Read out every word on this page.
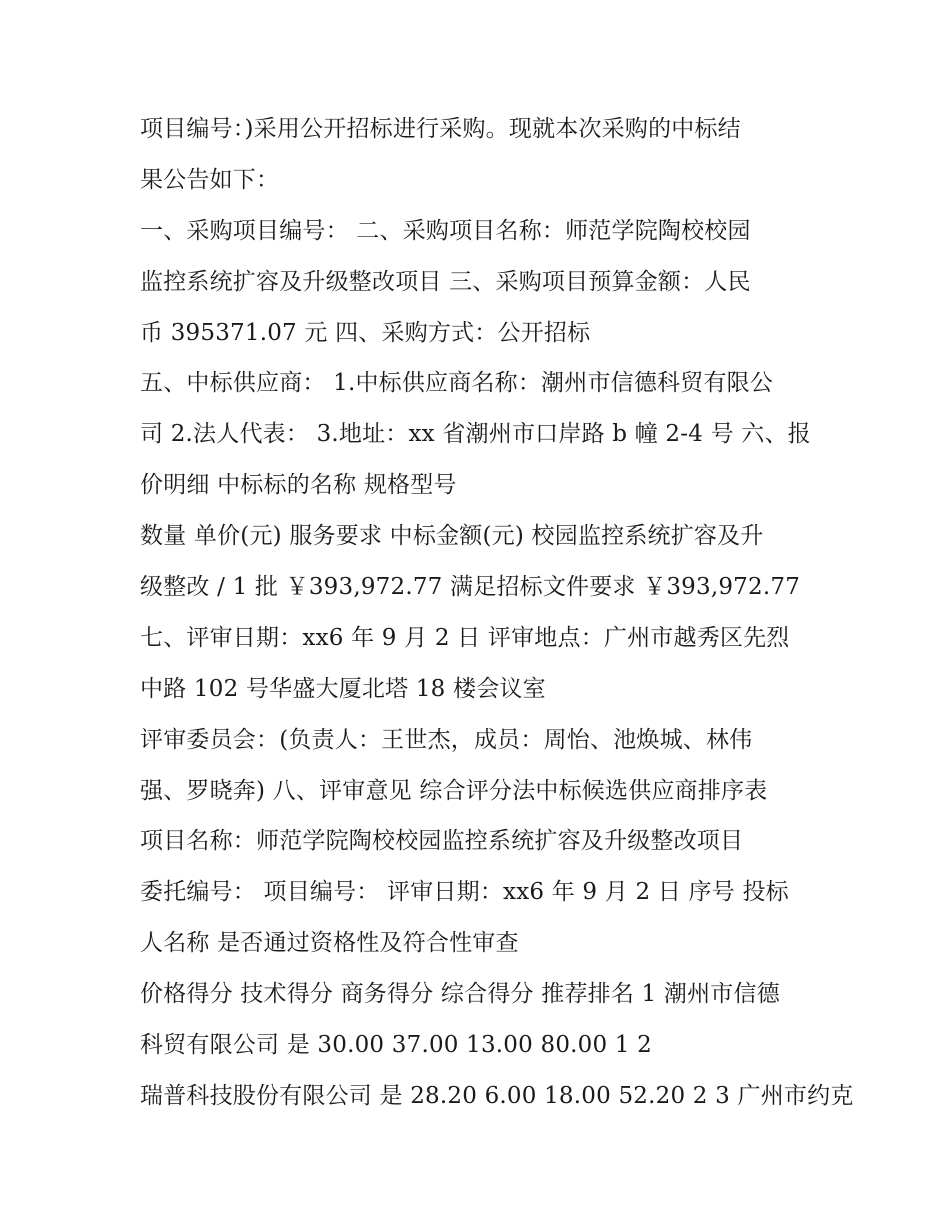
项目编号：)采用公开招标进行采购。现就本次采购的中标结
果公告如下：
一、采购项目编号： 二、采购项目名称：师范学院陶校校园
监控系统扩容及升级整改项目 三、采购项目预算金额：人民
币 395371.07 元 四、采购方式：公开招标
五、中标供应商： 1.中标供应商名称：潮州市信德科贸有限公
司 2.法人代表： 3.地址：xx 省潮州市口岸路 b 幢 2-4 号 六、报
价明细 中标标的名称 规格型号
数量 单价(元) 服务要求 中标金额(元) 校园监控系统扩容及升
级整改 / 1 批 ￥393,972.77 满足招标文件要求 ￥393,972.77
七、评审日期：xx6 年 9 月 2 日 评审地点：广州市越秀区先烈
中路 102 号华盛大厦北塔 18 楼会议室
评审委员会：(负责人：王世杰，成员：周怡、池焕城、林伟
强、罗晓奔) 八、评审意见 综合评分法中标候选供应商排序表
项目名称：师范学院陶校校园监控系统扩容及升级整改项目
委托编号： 项目编号： 评审日期：xx6 年 9 月 2 日 序号 投标
人名称 是否通过资格性及符合性审查
价格得分 技术得分 商务得分 综合得分 推荐排名 1 潮州市信德
科贸有限公司 是 30.00 37.00 13.00 80.00 1 2
瑞普科技股份有限公司 是 28.20 6.00 18.00 52.20 2 3 广州市约克
